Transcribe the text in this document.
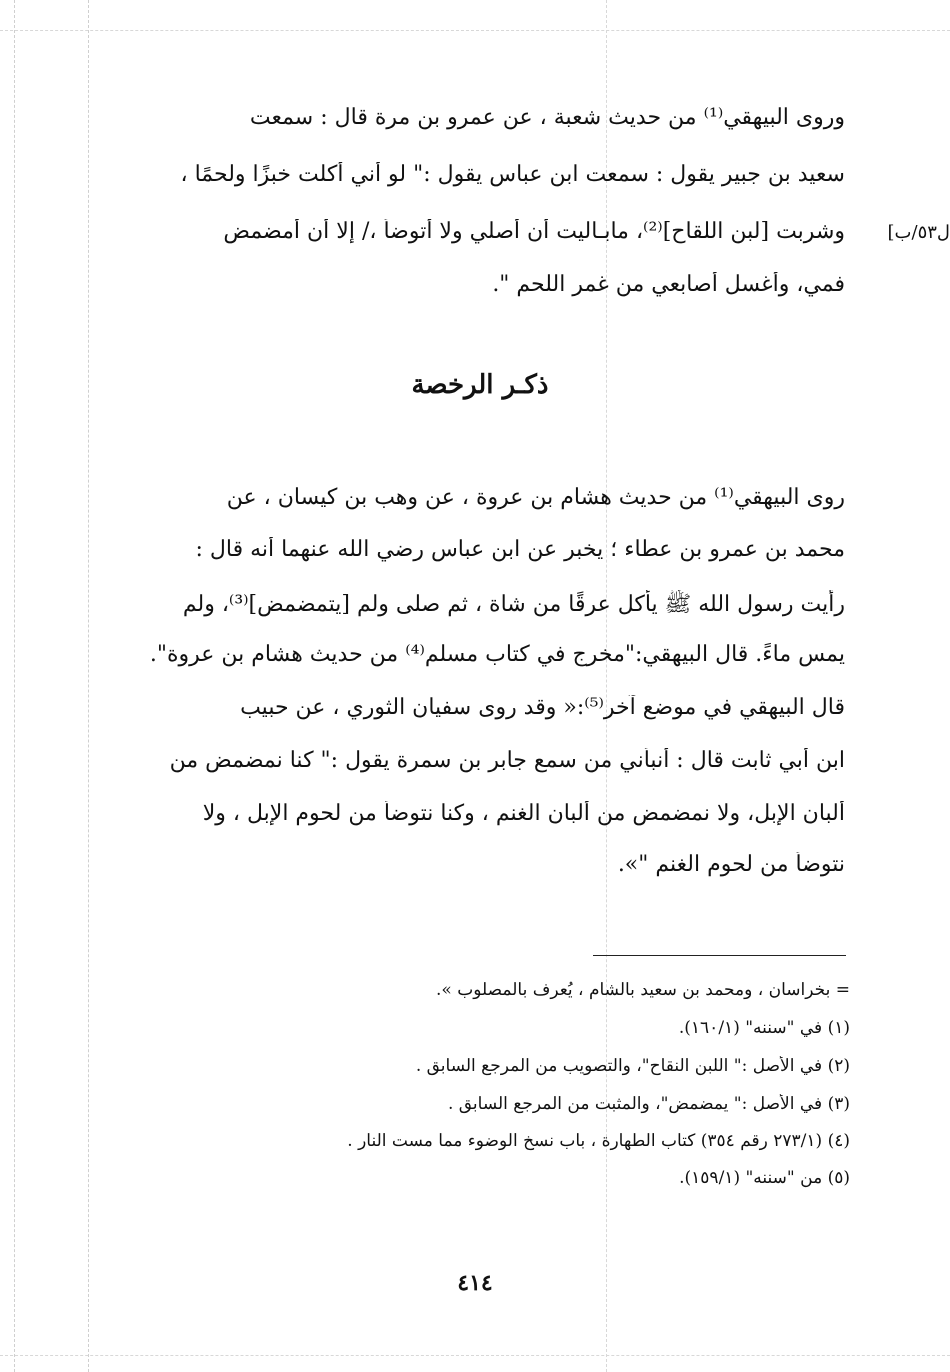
وروى البيهقي⁽¹⁾ من حديث شعبة ، عن عمرو بن مرة قال : سمعت
سعيد بن جبير يقول : سمعت ابن عباس يقول :" لو أني أكلت خبزًا ولحمًا ،
وشربت [لبن اللقاح]⁽²⁾، مابـاليت أن أصلي ولا أتوضأ ،/ إلا أن أمضمض
فمي، وأغسل أصابعي من غمر اللحم ".
ل٥٣/ب]
ذكـر الرخصة
روى البيهقي⁽¹⁾ من حديث هشام بن عروة ، عن وهب بن كيسان ، عن
محمد بن عمرو بن عطاء ؛ يخبر عن ابن عباس رضي الله عنهما أنه قال :
رأيت رسول الله ﷺ يأكل عرقًا من شاة ، ثم صلى ولم [يتمضمض]⁽³⁾، ولم
يمس ماءً. قال البيهقي:"مخرج في كتاب مسلم⁽⁴⁾ من حديث هشام بن عروة".
قال البيهقي في موضع آخر⁽⁵⁾:« وقد روى سفيان الثوري ، عن حبيب
ابن أبي ثابت قال : أنبأني من سمع جابر بن سمرة يقول :" كنا نمضمض من
ألبان الإبل، ولا نمضمض من ألبان الغنم ، وكنا نتوضأ من لحوم الإبل ، ولا
نتوضأ من لحوم الغنم "».
= بخراسان ، ومحمد بن سعيد بالشام ، يُعرف بالمصلوب ».
(١) في "سننه" (١٦٠/١).
(٢) في الأصل :" اللبن النقاح"، والتصويب من المرجع السابق .
(٣) في الأصل :" يمضمض"، والمثبت من المرجع السابق .
(٤) (٢٧٣/١ رقم ٣٥٤) كتاب الطهارة ، باب نسخ الوضوء مما مست النار .
(٥) من "سننه" (١٥٩/١).
٤١٤
